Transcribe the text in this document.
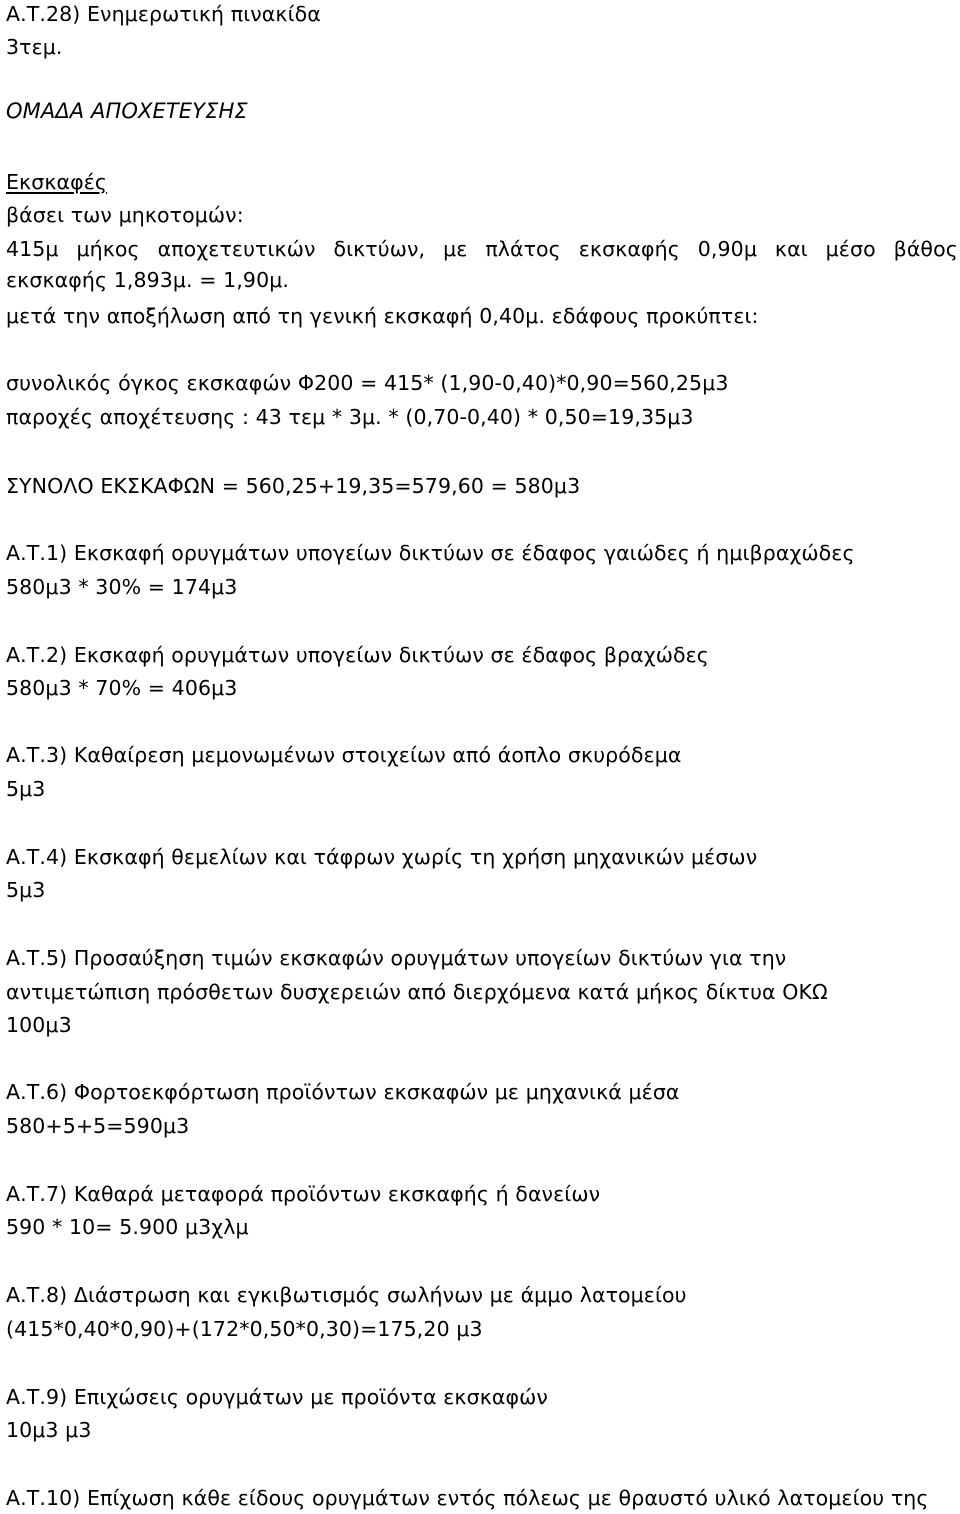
Α.Τ.28) Ενημερωτική πινακίδα
3τεμ.
ΟΜΑΔΑ ΑΠΟΧΕΤΕΥΣΗΣ
Εκσκαφές
βάσει των μηκοτομών:
415μ μήκος αποχετευτικών δικτύων, με πλάτος εκσκαφής 0,90μ και μέσο βάθος
εκσκαφής 1,893μ. = 1,90μ.
μετά την αποξήλωση από τη γενική εκσκαφή 0,40μ. εδάφους προκύπτει:
συνολικός όγκος εκσκαφών Φ200 = 415* (1,90-0,40)*0,90=560,25μ3
παροχές αποχέτευσης : 43 τεμ * 3μ. * (0,70-0,40) * 0,50=19,35μ3
ΣΥΝΟΛΟ ΕΚΣΚΑΦΩΝ = 560,25+19,35=579,60 = 580μ3
Α.Τ.1) Εκσκαφή ορυγμάτων υπογείων δικτύων σε έδαφος γαιώδες ή ημιβραχώδες
580μ3 * 30% = 174μ3
Α.Τ.2) Εκσκαφή ορυγμάτων υπογείων δικτύων σε έδαφος βραχώδες
580μ3 * 70% = 406μ3
Α.Τ.3) Καθαίρεση μεμονωμένων στοιχείων από άοπλο σκυρόδεμα
5μ3
Α.Τ.4) Εκσκαφή θεμελίων και τάφρων χωρίς τη χρήση μηχανικών μέσων
5μ3
Α.Τ.5) Προσαύξηση τιμών εκσκαφών ορυγμάτων υπογείων δικτύων για την
αντιμετώπιση πρόσθετων δυσχερειών από διερχόμενα κατά μήκος δίκτυα ΟΚΩ
100μ3
Α.Τ.6) Φορτοεκφόρτωση προϊόντων εκσκαφών με μηχανικά μέσα
580+5+5=590μ3
Α.Τ.7) Καθαρά μεταφορά προϊόντων εκσκαφής ή δανείων
590 * 10= 5.900 μ3χλμ
Α.Τ.8) Διάστρωση και εγκιβωτισμός σωλήνων με άμμο λατομείου
(415*0,40*0,90)+(172*0,50*0,30)=175,20 μ3
Α.Τ.9) Επιχώσεις ορυγμάτων με προϊόντα εκσκαφών
10μ3 μ3
Α.Τ.10) Επίχωση κάθε είδους ορυγμάτων εντός πόλεως με θραυστό υλικό λατομείου της
